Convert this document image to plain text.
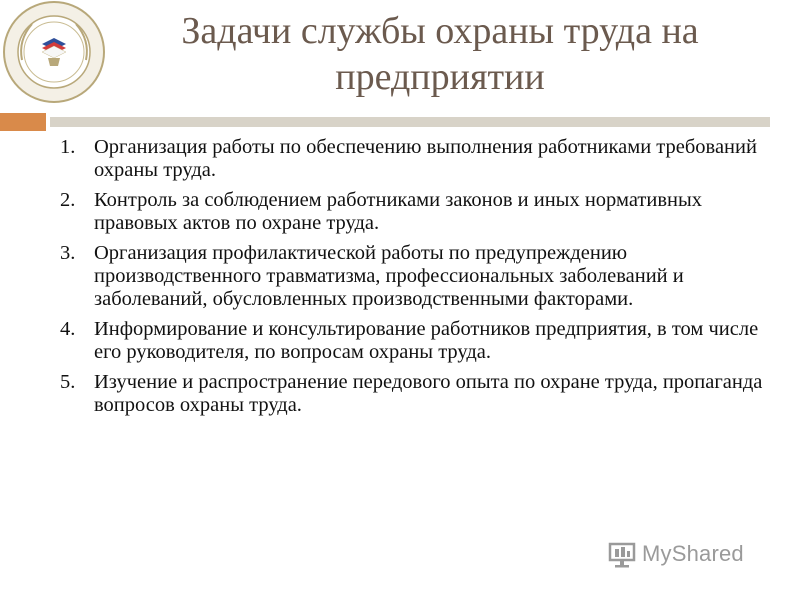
Задачи службы охраны труда на предприятии
1. Организация работы по обеспечению выполнения работниками требований охраны труда.
2. Контроль за соблюдением работниками законов и иных нормативных правовых актов по охране труда.
3. Организация профилактической работы по предупреждению производственного травматизма, профессиональных заболеваний и заболеваний, обусловленных производственными факторами.
4. Информирование и консультирование работников предприятия, в том числе его руководителя, по вопросам охраны труда.
5. Изучение и распространение передового опыта по охране труда, пропаганда вопросов охраны труда.
MyShared
